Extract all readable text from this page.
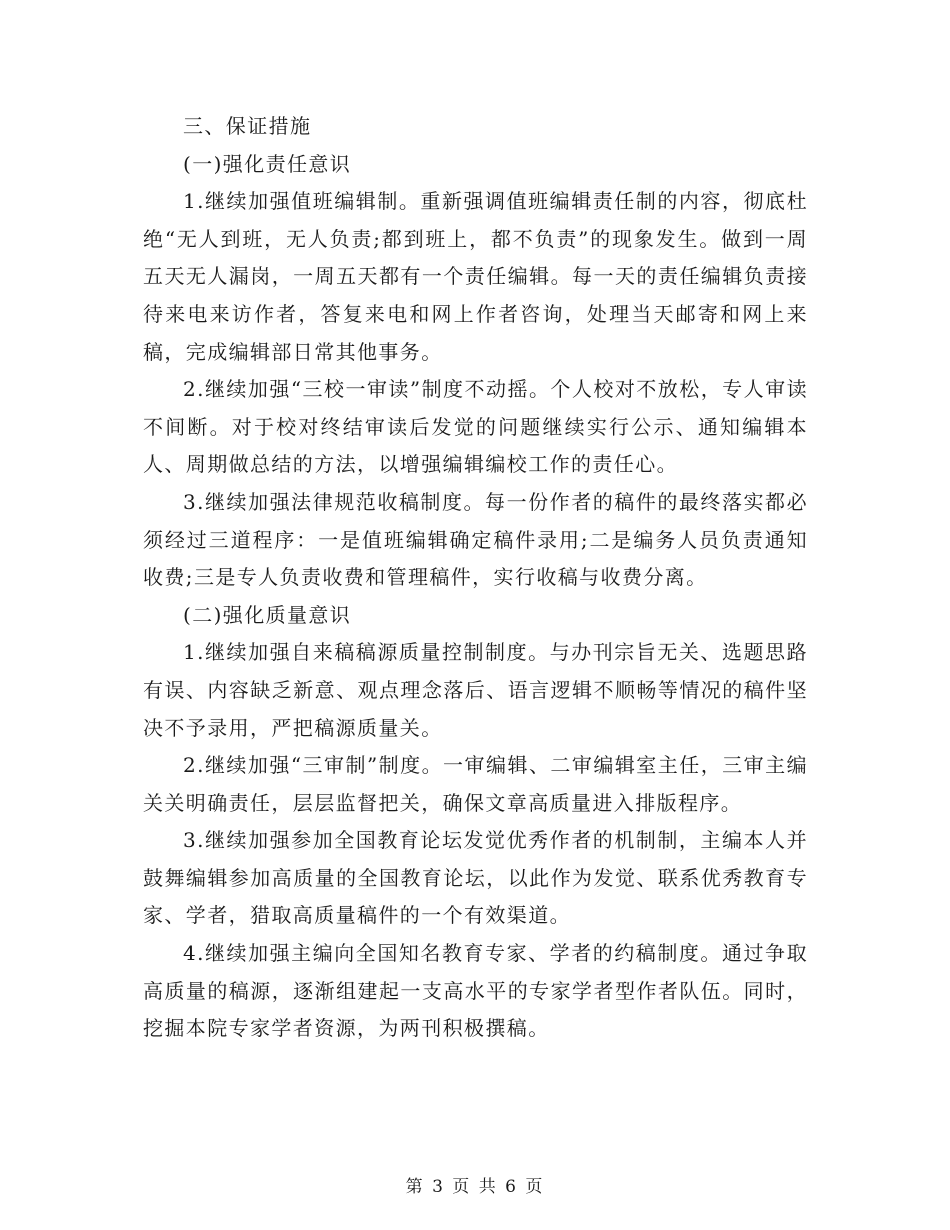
三、保证措施

(一)强化责任意识

1.继续加强值班编辑制。重新强调值班编辑责任制的内容，彻底杜绝“无人到班，无人负责;都到班上，都不负责”的现象发生。做到一周五天无人漏岗，一周五天都有一个责任编辑。每一天的责任编辑负责接待来电来访作者，答复来电和网上作者咨询，处理当天邮寄和网上来稿，完成编辑部日常其他事务。

2.继续加强“三校一审读”制度不动摇。个人校对不放松，专人审读不间断。对于校对终结审读后发觉的问题继续实行公示、通知编辑本人、周期做总结的方法，以增强编辑编校工作的责任心。

3.继续加强法律规范收稿制度。每一份作者的稿件的最终落实都必须经过三道程序：一是值班编辑确定稿件录用;二是编务人员负责通知收费;三是专人负责收费和管理稿件，实行收稿与收费分离。

(二)强化质量意识

1.继续加强自来稿稿源质量控制制度。与办刊宗旨无关、选题思路有误、内容缺乏新意、观点理念落后、语言逻辑不顺畅等情况的稿件坚决不予录用，严把稿源质量关。

2.继续加强“三审制”制度。一审编辑、二审编辑室主任，三审主编关关明确责任，层层监督把关，确保文章高质量进入排版程序。

3.继续加强参加全国教育论坛发觉优秀作者的机制制，主编本人并鼓舞编辑参加高质量的全国教育论坛，以此作为发觉、联系优秀教育专家、学者，猎取高质量稿件的一个有效渠道。

4.继续加强主编向全国知名教育专家、学者的约稿制度。通过争取高质量的稿源，逐渐组建起一支高水平的专家学者型作者队伍。同时，挖掘本院专家学者资源，为两刊积极撰稿。

第 3 页 共 6 页
